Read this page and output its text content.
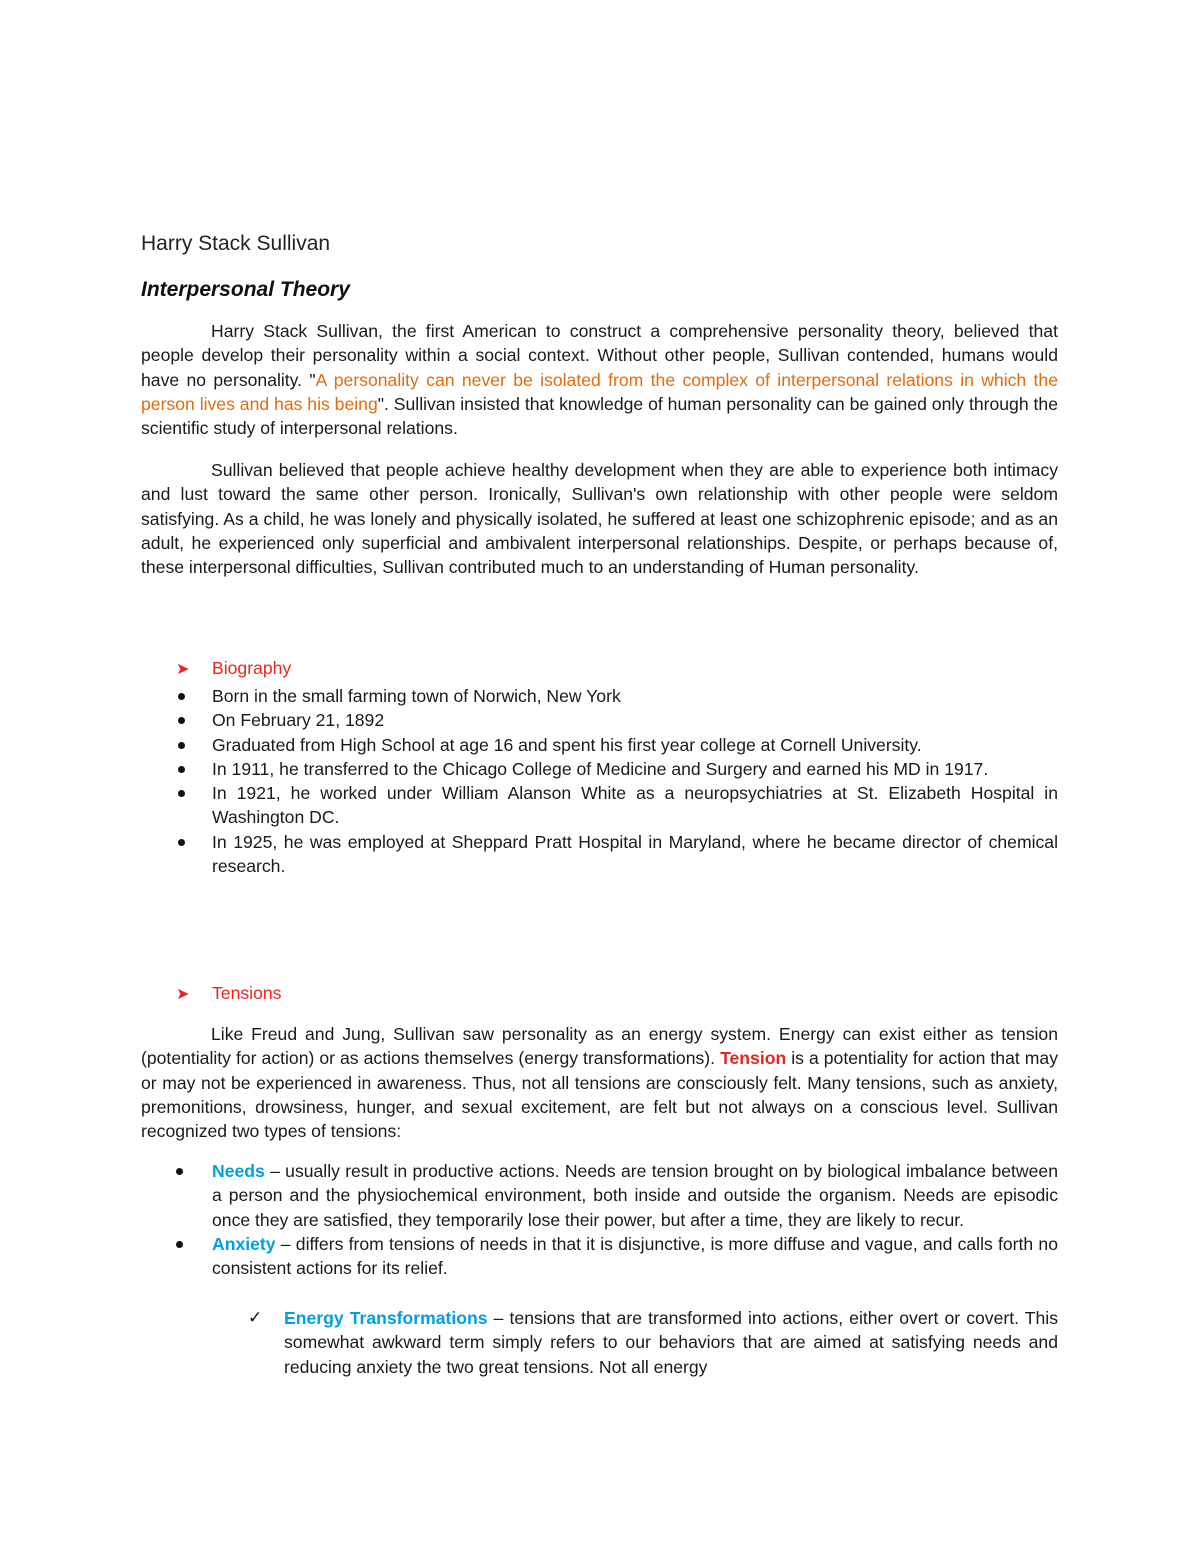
Harry Stack Sullivan

Interpersonal Theory

Harry Stack Sullivan, the first American to construct a comprehensive personality theory, believed that people develop their personality within a social context. Without other people, Sullivan contended, humans would have no personality. "A personality can never be isolated from the complex of interpersonal relations in which the person lives and has his being". Sullivan insisted that knowledge of human personality can be gained only through the scientific study of interpersonal relations.

Sullivan believed that people achieve healthy development when they are able to experience both intimacy and lust toward the same other person. Ironically, Sullivan's own relationship with other people were seldom satisfying. As a child, he was lonely and physically isolated, he suffered at least one schizophrenic episode; and as an adult, he experienced only superficial and ambivalent interpersonal relationships. Despite, or perhaps because of, these interpersonal difficulties, Sullivan contributed much to an understanding of Human personality.

➤ Biography
Born in the small farming town of Norwich, New York
On February 21, 1892
Graduated from High School at age 16 and spent his first year college at Cornell University.
In 1911, he transferred to the Chicago College of Medicine and Surgery and earned his MD in 1917.
In 1921, he worked under William Alanson White as a neuropsychiatries at St. Elizabeth Hospital in Washington DC.
In 1925, he was employed at Sheppard Pratt Hospital in Maryland, where he became director of chemical research.
➤ Tensions

Like Freud and Jung, Sullivan saw personality as an energy system. Energy can exist either as tension (potentiality for action) or as actions themselves (energy transformations). Tension is a potentiality for action that may or may not be experienced in awareness. Thus, not all tensions are consciously felt. Many tensions, such as anxiety, premonitions, drowsiness, hunger, and sexual excitement, are felt but not always on a conscious level. Sullivan recognized two types of tensions:

Needs – usually result in productive actions. Needs are tension brought on by biological imbalance between a person and the physiochemical environment, both inside and outside the organism. Needs are episodic once they are satisfied, they temporarily lose their power, but after a time, they are likely to recur.
Anxiety – differs from tensions of needs in that it is disjunctive, is more diffuse and vague, and calls forth no consistent actions for its relief.
✓ Energy Transformations – tensions that are transformed into actions, either overt or covert. This somewhat awkward term simply refers to our behaviors that are aimed at satisfying needs and reducing anxiety the two great tensions. Not all energy
